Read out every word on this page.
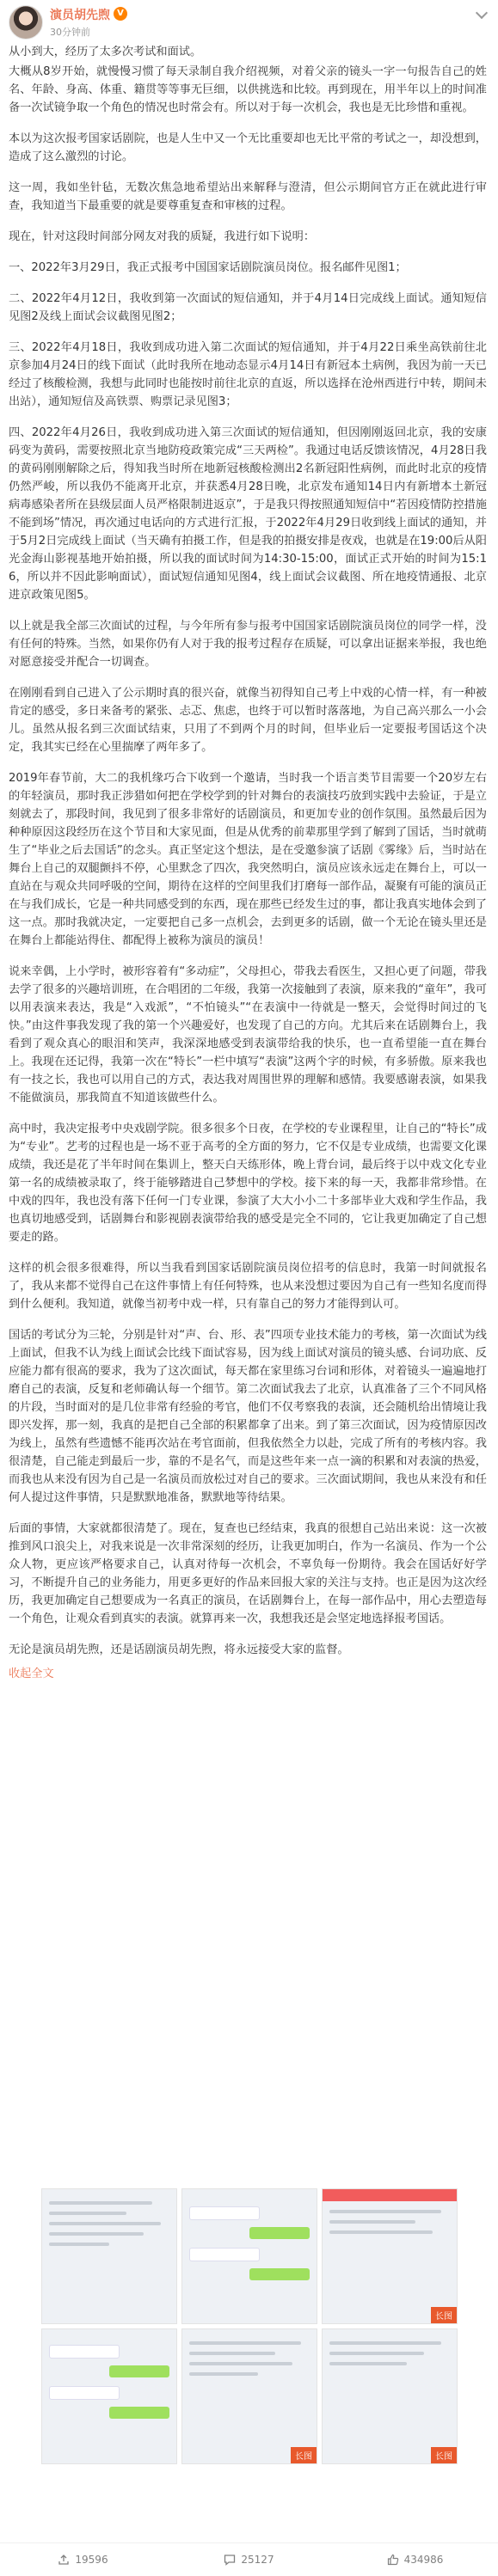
演员胡先煦 V
30分钟前

从小到大，经历了太多次考试和面试。

大概从8岁开始，就慢慢习惯了每天录制自我介绍视频，对着父亲的镜头一字一句报告自己的姓名、年龄、身高、体重、籍贯等等事无巨细，以供挑选和比较。再到现在，用半年以上的时间准备一次试镜争取一个角色的情况也时常会有。所以对于每一次机会，我也是无比珍惜和重视。

本以为这次报考国家话剧院，也是人生中又一个无比重要却也无比平常的考试之一，却没想到，造成了这么激烈的讨论。

这一周，我如坐针毡，无数次焦急地希望站出来解释与澄清，但公示期间官方正在就此进行审查，我知道当下最重要的就是要尊重复查和审核的过程。

现在，针对这段时间部分网友对我的质疑，我进行如下说明：

一、2022年3月29日，我正式报考中国国家话剧院演员岗位。报名邮件见图1；

二、2022年4月12日，我收到第一次面试的短信通知，并于4月14日完成线上面试。通知短信见图2及线上面试会议截图见图2；

三、2022年4月18日，我收到成功进入第二次面试的短信通知，并于4月22日乘坐高铁前往北京参加4月24日的线下面试（此时我所在地动态显示4月14日有新冠本土病例，我因为前一天已经过了核酸检测，我想与此同时也能按时前往北京的直返，所以选择在沧州西进行中转，期间未出站），通知短信及高铁票、购票记录见图3；

四、2022年4月26日，我收到成功进入第三次面试的短信通知，但因刚刚返回北京，我的安康码变为黄码，需要按照北京当地防疫政策完成“三天两检”。我通过电话反馈该情况，4月28日我的黄码刚刚解除之后，得知我当时所在地新冠核酸检测出2名新冠阳性病例，而此时北京的疫情仍然严峻，所以我仍不能离开北京，并获悉4月28日晚，北京发布通知14日内有新增本土新冠病毒感染者所在县级层面人员严格限制进返京”，于是我只得按照通知短信中“若因疫情防控措施不能到场”情况，再次通过电话向的方式进行汇报，于2022年4月29日收到线上面试的通知，并于5月2日完成线上面试（当天确有拍摄工作，但是我的拍摄安排是夜戏，也就是在19:00后从阳光金海山影视基地开始拍摄，所以我的面试时间为14:30-15:00，面试正式开始的时间为15:16，所以并不因此影响面试），面试短信通知见图4，线上面试会议截图、所在地疫情通报、北京进京政策见图5。

以上就是我全部三次面试的过程，与今年所有参与报考中国国家话剧院演员岗位的同学一样，没有任何的特殊。当然，如果你仍有人对于我的报考过程存在质疑，可以拿出证据来举报，我也绝对愿意接受并配合一切调查。

在刚刚看到自己进入了公示期时真的很兴奋，就像当初得知自己考上中戏的心情一样，有一种被肯定的感受，多日来备考的紧张、忐忑、焦虑，也终于可以暂时落落地，为自己高兴那么一小会儿。虽然从报名到三次面试结束，只用了不到两个月的时间，但毕业后一定要报考国话这个决定，我其实已经在心里揣摩了两年多了。

2019年春节前，大二的我机缘巧合下收到一个邀请，当时我一个语言类节目需要一个20岁左右的年轻演员，那时我正涉猎如何把在学校学到的针对舞台的表演技巧放到实践中去验证，于是立刻就去了，那段时间，我见到了很多非常好的话剧演员，和更加专业的创作氛围。虽然最后因为种种原因这段经历在这个节目和大家见面，但是从优秀的前辈那里学到了解到了国话，当时就萌生了“毕业之后去国话”的念头。真正坚定这个想法，是在受邀参演了话剧《雾缘》后，当时站在舞台上自己的双腿颤抖不停，心里默念了四次，我突然明白，演员应该永远走在舞台上，可以一直站在与观众共同呼吸的空间，期待在这样的空间里我们打磨每一部作品，凝聚有可能的演员正在与我们成长，它是一种共同感受到的东西，现在那些已经发生过的事，都让我真实地体会到了这一点。那时我就决定，一定要把自己多一点机会，去到更多的话剧，做一个无论在镜头里还是在舞台上都能站得住、都配得上被称为演员的演员！

说来幸偶，上小学时，被形容着有“多动症”，父母担心，带我去看医生，又担心更了问题，带我去学了很多的兴趣培训班，在合唱团的二年级，我第一次接触到了表演，原来我的“童年”，我可以用表演来表达，我是“入戏派”，“不怕镜头”“在表演中一待就是一整天，会觉得时间过的飞快。”由这件事我发现了我的第一个兴趣爱好，也发现了自己的方向。尤其后来在话剧舞台上，我看到了观众真心的眼泪和笑声，我深深地感受到表演带给我的快乐，也一直希望能一直在舞台上。我现在还记得，我第一次在“特长”一栏中填写“表演”这两个字的时候，有多骄傲。原来我也有一技之长，我也可以用自己的方式，表达我对周围世界的理解和感情。我要感谢表演，如果我不能做演员，那我简直不知道该做些什么。

高中时，我决定报考中央戏剧学院。很多很多个日夜，在学校的专业课程里，让自己的“特长”成为“专业”。艺考的过程也是一场不亚于高考的全方面的努力，它不仅是专业成绩，也需要文化课成绩，我还是花了半年时间在集训上，整天白天练形体，晚上背台词，最后终于以中戏文化专业第一名的成绩被录取了，终于能够踏进自己梦想中的学校。接下来的每一天，我都非常珍惜。在中戏的四年，我也没有落下任何一门专业课，参演了大大小小二十多部毕业大戏和学生作品，我也真切地感受到，话剧舞台和影视剧表演带给我的感受是完全不同的，它让我更加确定了自己想要走的路。

这样的机会很多很难得，所以当我看到国家话剧院演员岗位招考的信息时，我第一时间就报名了，我从来都不觉得自己在这件事情上有任何特殊，也从来没想过要因为自己有一些知名度而得到什么便利。我知道，就像当初考中戏一样，只有靠自己的努力才能得到认可。

国话的考试分为三轮，分别是针对“声、台、形、表”四项专业技术能力的考核，第一次面试为线上面试，但我不认为线上面试会比线下面试容易，因为线上面试对演员的镜头感、台词功底、反应能力都有很高的要求，我为了这次面试，每天都在家里练习台词和形体，对着镜头一遍遍地打磨自己的表演，反复和老师确认每一个细节。第二次面试我去了北京，认真准备了三个不同风格的片段，当时面对的是几位非常有经验的考官，他们不仅考察我的表演，还会随机给出情境让我即兴发挥，那一刻，我真的是把自己全部的积累都拿了出来。到了第三次面试，因为疫情原因改为线上，虽然有些遗憾不能再次站在考官面前，但我依然全力以赴，完成了所有的考核内容。我很清楚，自己能走到最后一步，靠的不是名气，而是这些年来一点一滴的积累和对表演的热爱，而我也从来没有因为自己是一名演员而放松过对自己的要求。三次面试期间，我也从来没有和任何人提过这件事情，只是默默地准备，默默地等待结果。

后面的事情，大家就都很清楚了。现在，复查也已经结束，我真的很想自己站出来说：这一次被推到风口浪尖上，对我来说是一次非常深刻的经历，让我更加明白，作为一名演员、作为一个公众人物，更应该严格要求自己，认真对待每一次机会，不辜负每一份期待。我会在国话好好学习，不断提升自己的业务能力，用更多更好的作品来回报大家的关注与支持。也正是因为这次经历，我更加确定自己想要成为一名真正的演员，在话剧舞台上，在每一部作品中，用心去塑造每一个角色，让观众看到真实的表演。就算再来一次，我想我还是会坚定地选择报考国话。

无论是演员胡先煦，还是话剧演员胡先煦，将永远接受大家的监督。

收起全文

长图
长图	长图
19596	25127	434986
